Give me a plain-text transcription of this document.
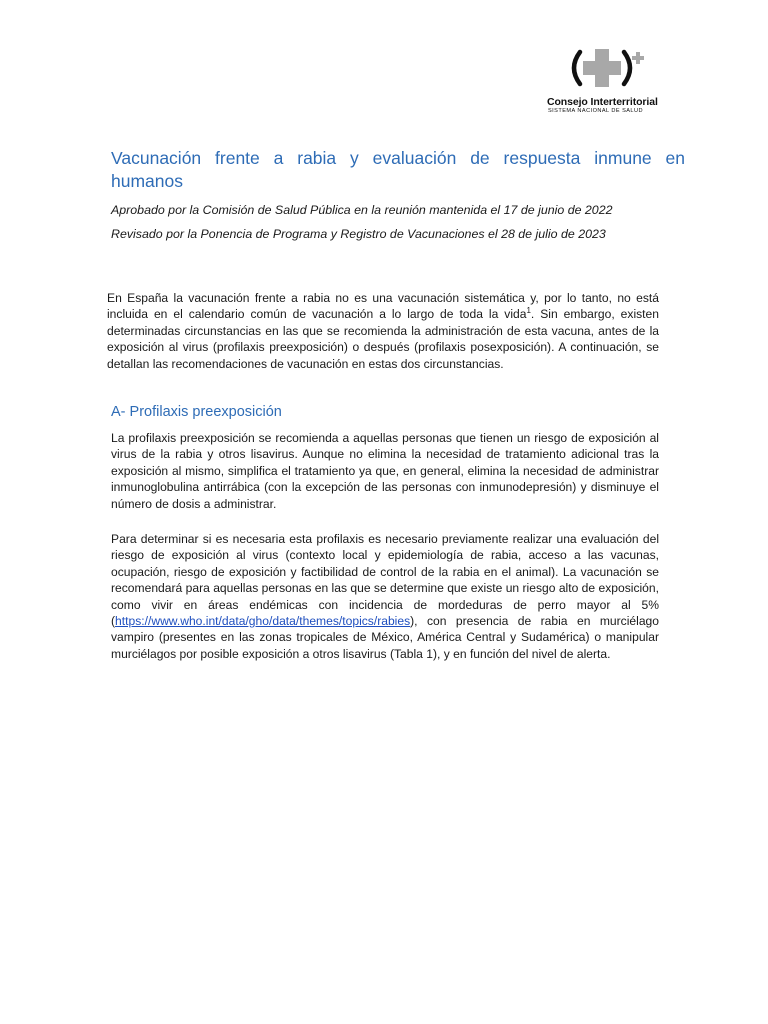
Consejo Interterritorial
SISTEMA NACIONAL DE SALUD
Vacunación frente a rabia y evaluación de respuesta inmune en humanos

Aprobado por la Comisión de Salud Pública en la reunión mantenida el 17 de junio de 2022

Revisado por la Ponencia de Programa y Registro de Vacunaciones el 28 de julio de 2023

En España la vacunación frente a rabia no es una vacunación sistemática y, por lo tanto, no está incluida en el calendario común de vacunación a lo largo de toda la vida$^1$. Sin embargo, existen determinadas circunstancias en las que se recomienda la administración de esta vacuna, antes de la exposición al virus (profilaxis preexposición) o después (profilaxis posexposición). A continuación, se detallan las recomendaciones de vacunación en estas dos circunstancias.

A- Profilaxis preexposición

La profilaxis preexposición se recomienda a aquellas personas que tienen un riesgo de exposición al virus de la rabia y otros lisavirus. Aunque no elimina la necesidad de tratamiento adicional tras la exposición al mismo, simplifica el tratamiento ya que, en general, elimina la necesidad de administrar inmunoglobulina antirrábica (con la excepción de las personas con inmunodepresión) y disminuye el número de dosis a administrar.

Para determinar si es necesaria esta profilaxis es necesario previamente realizar una evaluación del riesgo de exposición al virus (contexto local y epidemiología de rabia, acceso a las vacunas, ocupación, riesgo de exposición y factibilidad de control de la rabia en el animal). La vacunación se recomendará para aquellas personas en las que se determine que existe un riesgo alto de exposición, como vivir en áreas endémicas con incidencia de mordeduras de perro mayor al 5% (https://www.who.int/data/gho/data/themes/topics/rabies), con presencia de rabia en murciélago vampiro (presentes en las zonas tropicales de México, América Central y Sudamérica) o manipular murciélagos por posible exposición a otros lisavirus (Tabla 1), y en función del nivel de alerta.
